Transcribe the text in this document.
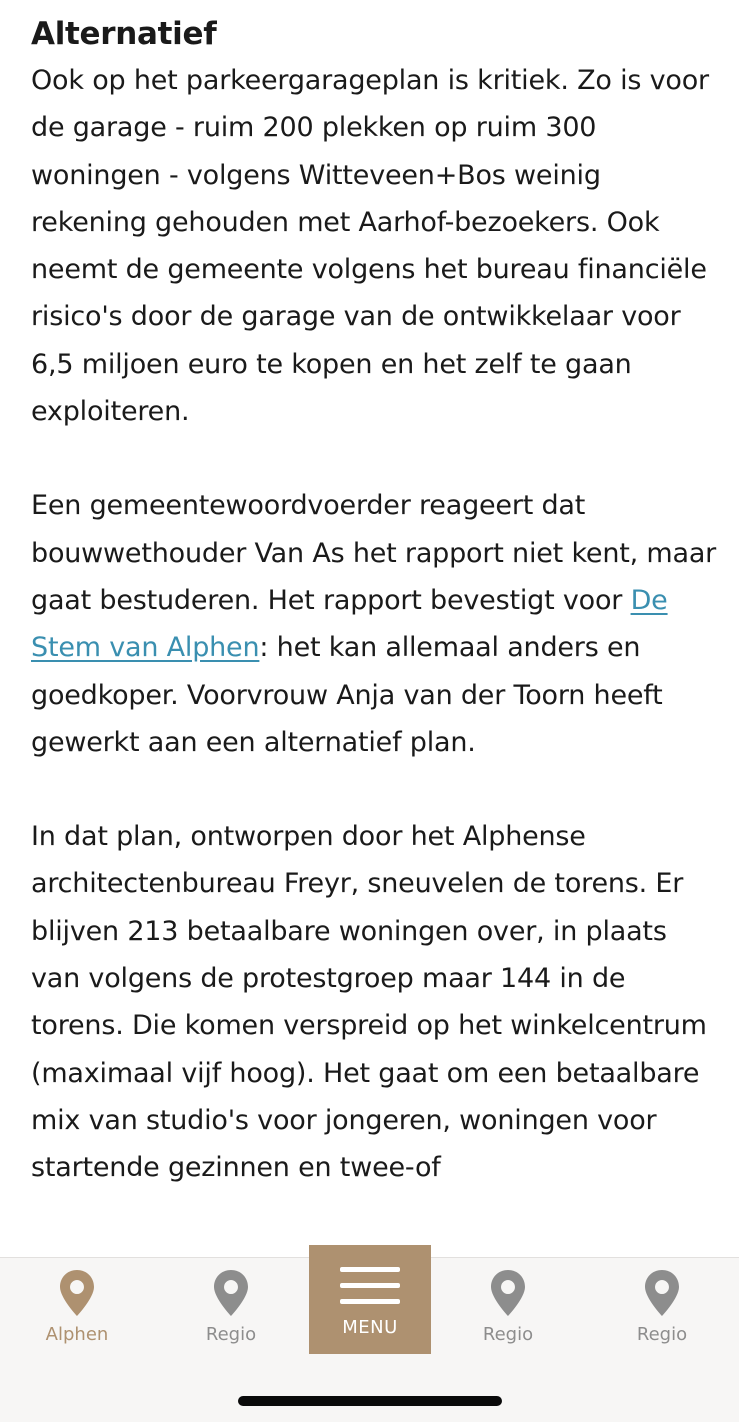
Alternatief

Ook op het parkeergarageplan is kritiek. Zo is voor de garage - ruim 200 plekken op ruim 300 woningen - volgens Witteveen+Bos weinig rekening gehouden met Aarhof-bezoekers. Ook neemt de gemeente volgens het bureau financiële risico's door de garage van de ontwikkelaar voor 6,5 miljoen euro te kopen en het zelf te gaan exploiteren.

Een gemeentewoordvoerder reageert dat bouwwethouder Van As het rapport niet kent, maar gaat bestuderen. Het rapport bevestigt voor De Stem van Alphen: het kan allemaal anders en goedkoper. Voorvrouw Anja van der Toorn heeft gewerkt aan een alternatief plan.

In dat plan, ontworpen door het Alphense architectenbureau Freyr, sneuvelen de torens. Er blijven 213 betaalbare woningen over, in plaats van volgens de protestgroep maar 144 in de torens. Die komen verspreid op het winkelcentrum (maximaal vijf hoog). Het gaat om een betaalbare mix van studio's voor jongeren, woningen voor startende gezinnen en twee-of

Alphen	Regio	Regio	Regio
MENU
